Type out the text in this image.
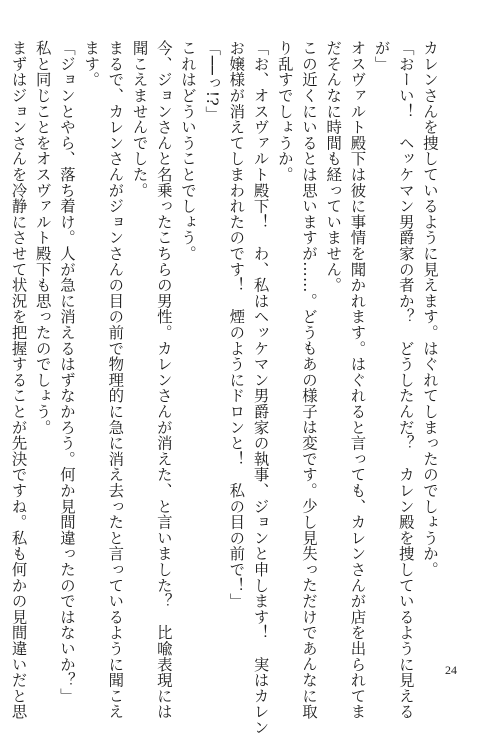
カレンさんを捜しているように見えます。はぐれてしまったのでしょうか。
「おーい！　ヘッケマン男爵家の者か？　どうしたんだ？　カレン殿を捜しているように見える
が」
オスヴァルト殿下は彼に事情を聞かれます。はぐれると言っても、カレンさんが店を出られてま
だそんなに時間も経っていません。
この近くにいるとは思いますが……。どうもあの様子は変です。少し見失っただけであんなに取
り乱すでしょうか。
「お、オスヴァルト殿下！　わ、私はヘッケマン男爵家の執事、ジョンと申します！　実はカレン
お嬢様が消えてしまわれたのです！　煙のようにドロンと！　私の目の前で！」
「──っ!?」
これはどういうことでしょう。
今、ジョンさんと名乗ったこちらの男性。カレンさんが消えた、と言いました？　比喩表現には
聞こえませんでした。
まるで、カレンさんがジョンさんの目の前で物理的に急に消え去ったと言っているように聞こえ
ます。
「ジョンとやら、落ち着け。人が急に消えるはずなかろう。何か見間違ったのではないか？」
私と同じことをオスヴァルト殿下も思ったのでしょう。
まずはジョンさんを冷静にさせて状況を把握することが先決ですね。私も何かの見間違いだと思	24
